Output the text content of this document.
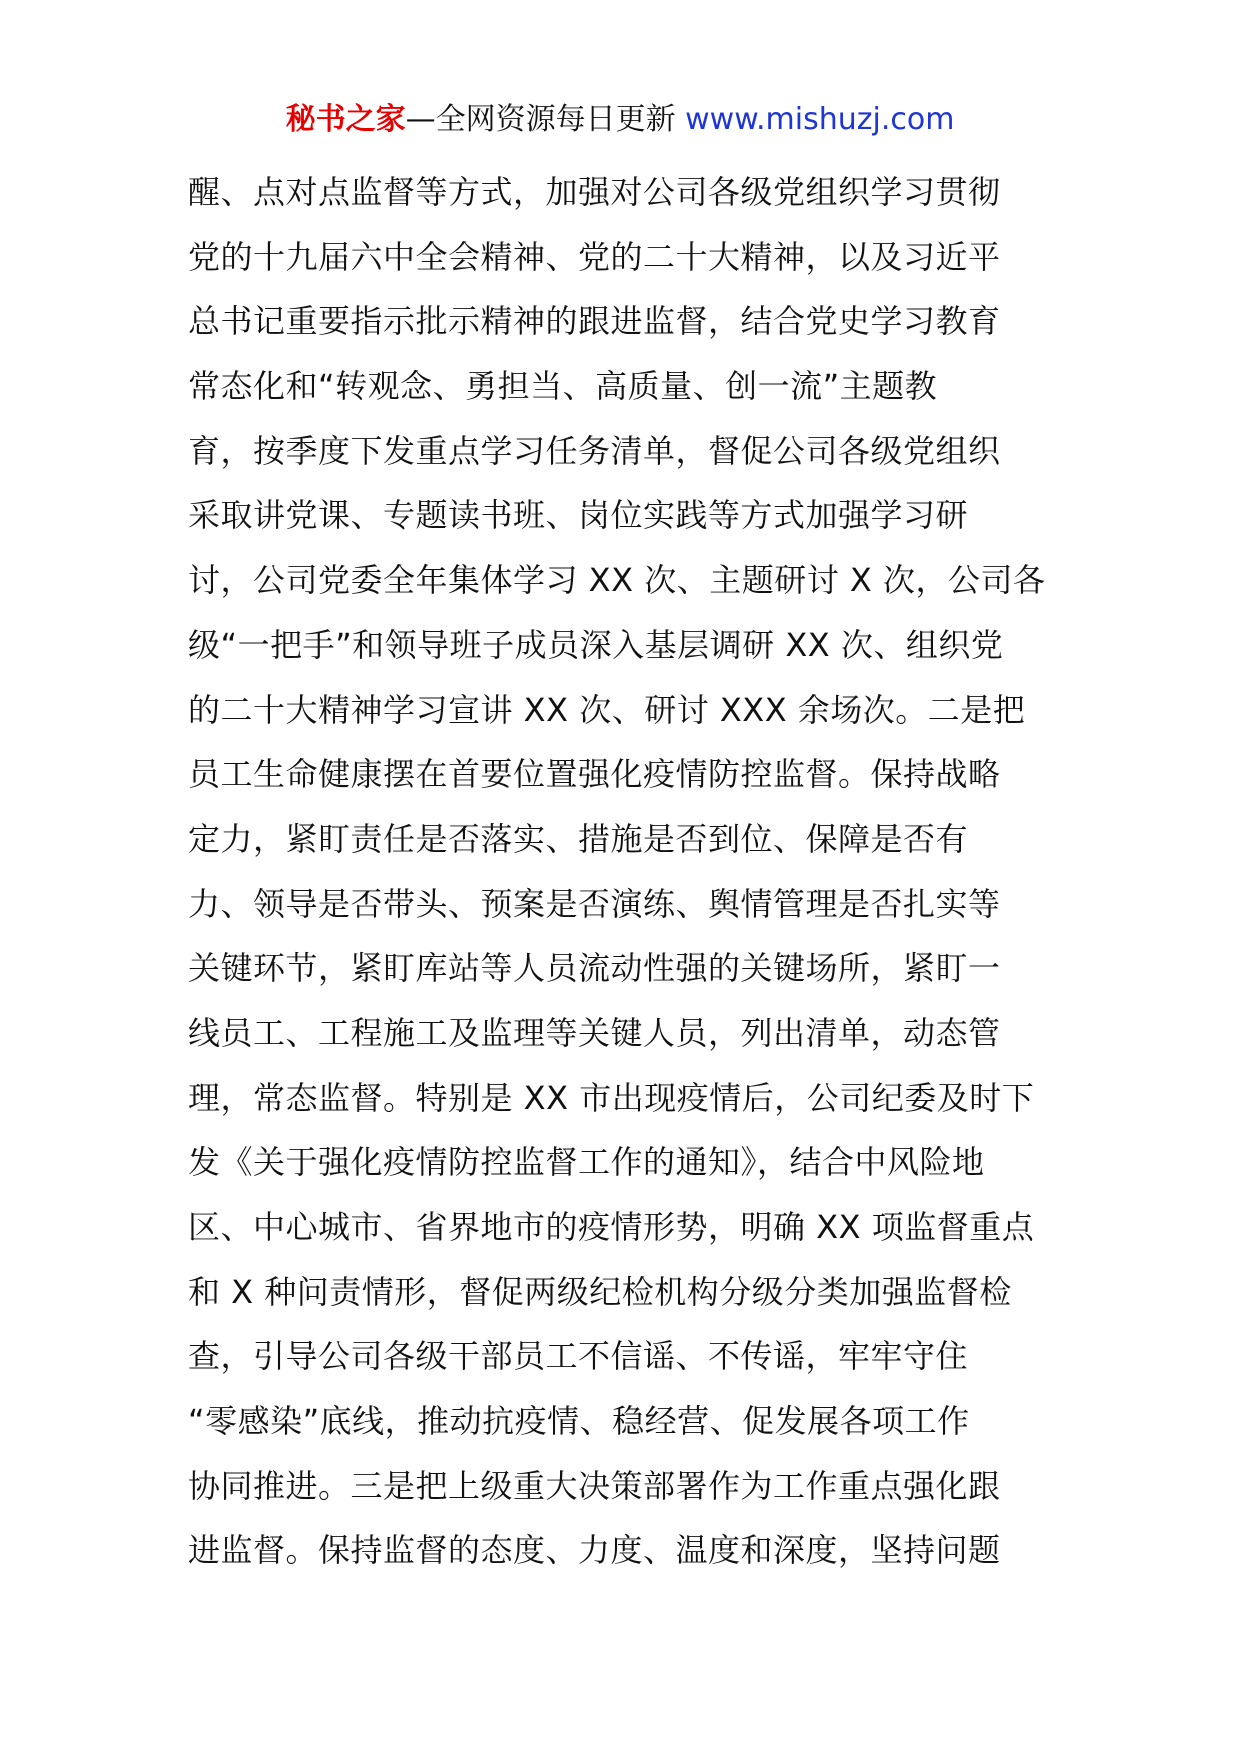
秘书之家—全网资源每日更新 www.mishuzj.com
醒、点对点监督等方式，加强对公司各级党组织学习贯彻
党的十九届六中全会精神、党的二十大精神，以及习近平
总书记重要指示批示精神的跟进监督，结合党史学习教育
常态化和“转观念、勇担当、高质量、创一流”主题教
育，按季度下发重点学习任务清单，督促公司各级党组织
采取讲党课、专题读书班、岗位实践等方式加强学习研
讨，公司党委全年集体学习 XX 次、主题研讨 X 次，公司各
级“一把手”和领导班子成员深入基层调研 XX 次、组织党
的二十大精神学习宣讲 XX 次、研讨 XXX 余场次。二是把
员工生命健康摆在首要位置强化疫情防控监督。保持战略
定力，紧盯责任是否落实、措施是否到位、保障是否有
力、领导是否带头、预案是否演练、舆情管理是否扎实等
关键环节，紧盯库站等人员流动性强的关键场所，紧盯一
线员工、工程施工及监理等关键人员，列出清单，动态管
理，常态监督。特别是 XX 市出现疫情后，公司纪委及时下
发《关于强化疫情防控监督工作的通知》，结合中风险地
区、中心城市、省界地市的疫情形势，明确 XX 项监督重点
和 X 种问责情形，督促两级纪检机构分级分类加强监督检
查，引导公司各级干部员工不信谣、不传谣，牢牢守住
“零感染”底线，推动抗疫情、稳经营、促发展各项工作
协同推进。三是把上级重大决策部署作为工作重点强化跟
进监督。保持监督的态度、力度、温度和深度，坚持问题
